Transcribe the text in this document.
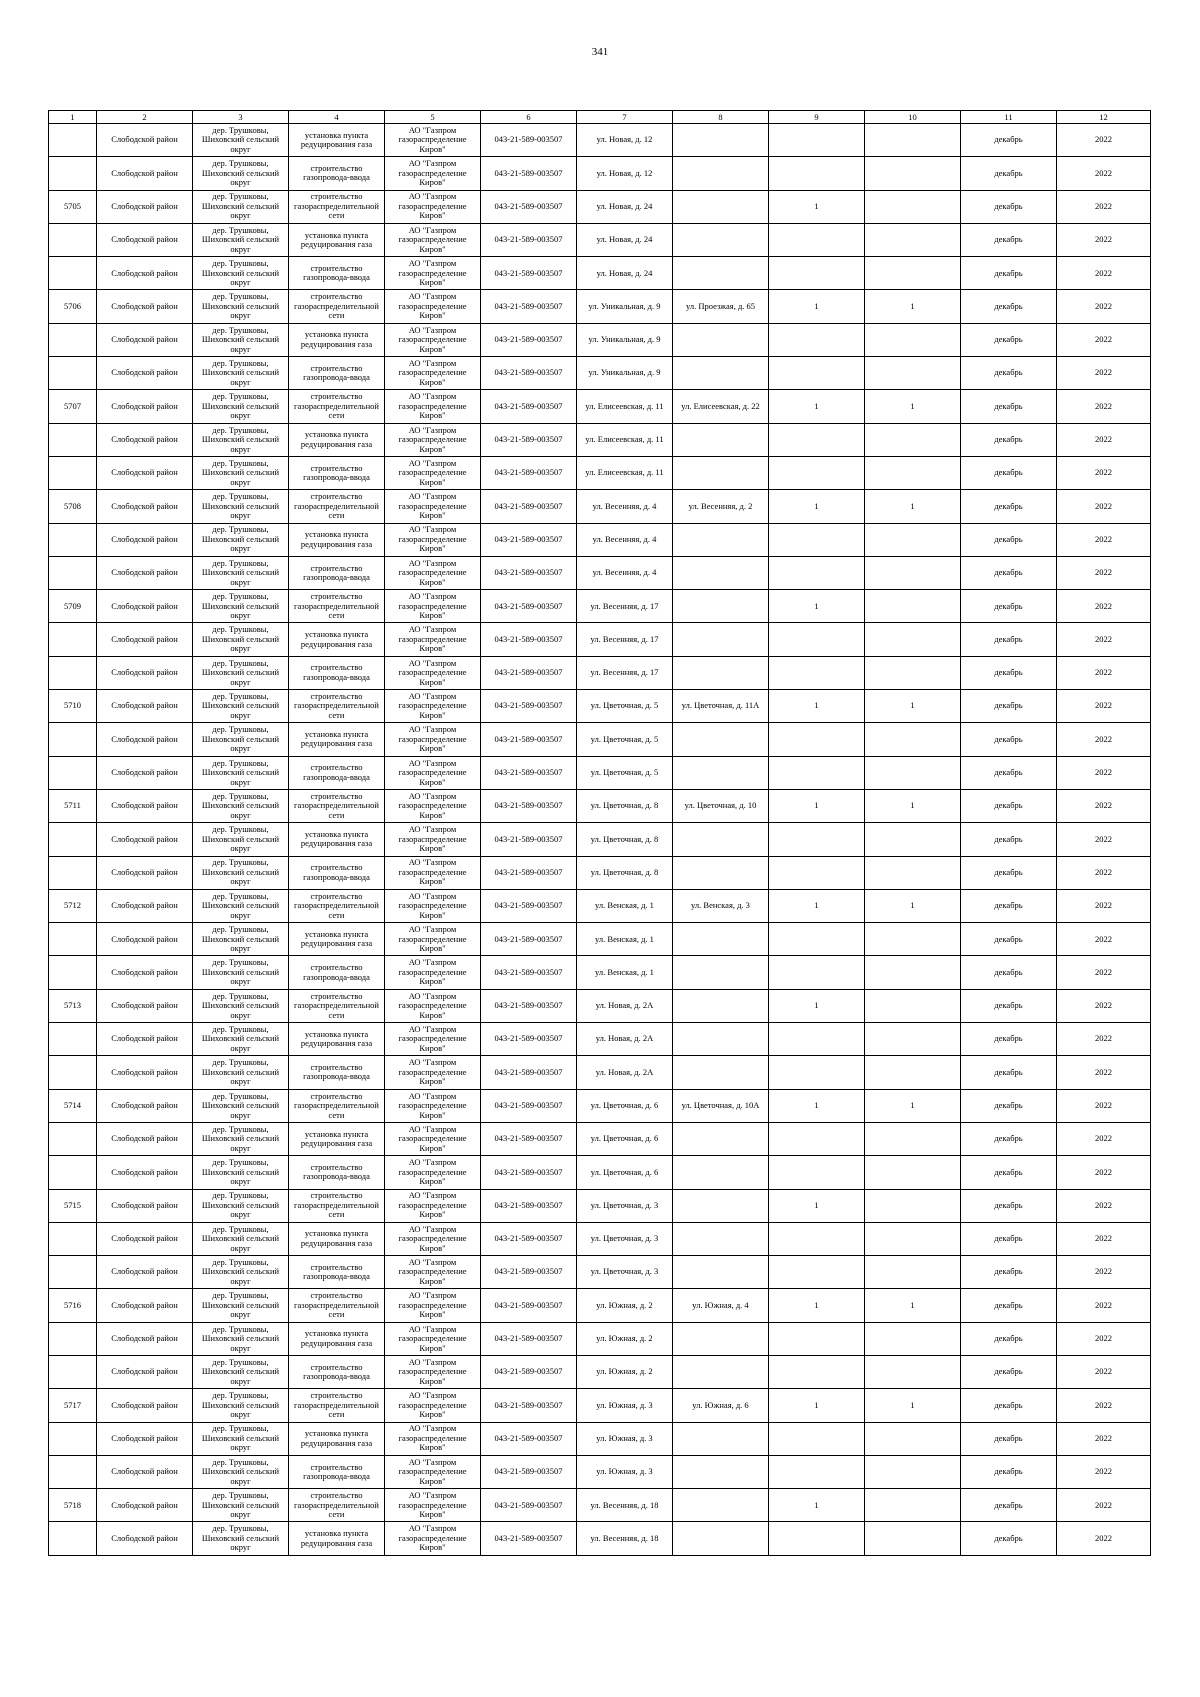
341
1	2	3	4	5	6	7	8	9	10	11	12

	Слободской район	дер. Трушковы, Шиховский сельский округ	установка пункта редуцирования газа	АО "Газпром газораспределение Киров"	043-21-589-003507	ул. Новая, д. 12				декабрь	2022

	Слободской район	дер. Трушковы, Шиховский сельский округ	строительство газопровода-ввода	АО "Газпром газораспределение Киров"	043-21-589-003507	ул. Новая, д. 12				декабрь	2022

5705	Слободской район	дер. Трушковы, Шиховский сельский округ	строительство газораспределительной сети	АО "Газпром газораспределение Киров"	043-21-589-003507	ул. Новая, д. 24		1		декабрь	2022

	Слободской район	дер. Трушковы, Шиховский сельский округ	установка пункта редуцирования газа	АО "Газпром газораспределение Киров"	043-21-589-003507	ул. Новая, д. 24				декабрь	2022

	Слободской район	дер. Трушковы, Шиховский сельский округ	строительство газопровода-ввода	АО "Газпром газораспределение Киров"	043-21-589-003507	ул. Новая, д. 24				декабрь	2022

5706	Слободской район	дер. Трушковы, Шиховский сельский округ	строительство газораспределительной сети	АО "Газпром газораспределение Киров"	043-21-589-003507	ул. Уникальная, д. 9	ул. Проезжая, д. 65	1	1	декабрь	2022

	Слободской район	дер. Трушковы, Шиховский сельский округ	установка пункта редуцирования газа	АО "Газпром газораспределение Киров"	043-21-589-003507	ул. Уникальная, д. 9				декабрь	2022

	Слободской район	дер. Трушковы, Шиховский сельский округ	строительство газопровода-ввода	АО "Газпром газораспределение Киров"	043-21-589-003507	ул. Уникальная, д. 9				декабрь	2022

5707	Слободской район	дер. Трушковы, Шиховский сельский округ	строительство газораспределительной сети	АО "Газпром газораспределение Киров"	043-21-589-003507	ул. Елисеевская, д. 11	ул. Елисеевская, д. 22	1	1	декабрь	2022

	Слободской район	дер. Трушковы, Шиховский сельский округ	установка пункта редуцирования газа	АО "Газпром газораспределение Киров"	043-21-589-003507	ул. Елисеевская, д. 11				декабрь	2022

	Слободской район	дер. Трушковы, Шиховский сельский округ	строительство газопровода-ввода	АО "Газпром газораспределение Киров"	043-21-589-003507	ул. Елисеевская, д. 11				декабрь	2022

5708	Слободской район	дер. Трушковы, Шиховский сельский округ	строительство газораспределительной сети	АО "Газпром газораспределение Киров"	043-21-589-003507	ул. Весенняя, д. 4	ул. Весенняя, д. 2	1	1	декабрь	2022

	Слободской район	дер. Трушковы, Шиховский сельский округ	установка пункта редуцирования газа	АО "Газпром газораспределение Киров"	043-21-589-003507	ул. Весенняя, д. 4				декабрь	2022

	Слободской район	дер. Трушковы, Шиховский сельский округ	строительство газопровода-ввода	АО "Газпром газораспределение Киров"	043-21-589-003507	ул. Весенняя, д. 4				декабрь	2022

5709	Слободской район	дер. Трушковы, Шиховский сельский округ	строительство газораспределительной сети	АО "Газпром газораспределение Киров"	043-21-589-003507	ул. Весенняя, д. 17		1		декабрь	2022

	Слободской район	дер. Трушковы, Шиховский сельский округ	установка пункта редуцирования газа	АО "Газпром газораспределение Киров"	043-21-589-003507	ул. Весенняя, д. 17				декабрь	2022

	Слободской район	дер. Трушковы, Шиховский сельский округ	строительство газопровода-ввода	АО "Газпром газораспределение Киров"	043-21-589-003507	ул. Весенняя, д. 17				декабрь	2022

5710	Слободской район	дер. Трушковы, Шиховский сельский округ	строительство газораспределительной сети	АО "Газпром газораспределение Киров"	043-21-589-003507	ул. Цветочная, д. 5	ул. Цветочная, д. 11А	1	1	декабрь	2022

	Слободской район	дер. Трушковы, Шиховский сельский округ	установка пункта редуцирования газа	АО "Газпром газораспределение Киров"	043-21-589-003507	ул. Цветочная, д. 5				декабрь	2022

	Слободской район	дер. Трушковы, Шиховский сельский округ	строительство газопровода-ввода	АО "Газпром газораспределение Киров"	043-21-589-003507	ул. Цветочная, д. 5				декабрь	2022

5711	Слободской район	дер. Трушковы, Шиховский сельский округ	строительство газораспределительной сети	АО "Газпром газораспределение Киров"	043-21-589-003507	ул. Цветочная, д. 8	ул. Цветочная, д. 10	1	1	декабрь	2022

	Слободской район	дер. Трушковы, Шиховский сельский округ	установка пункта редуцирования газа	АО "Газпром газораспределение Киров"	043-21-589-003507	ул. Цветочная, д. 8				декабрь	2022

	Слободской район	дер. Трушковы, Шиховский сельский округ	строительство газопровода-ввода	АО "Газпром газораспределение Киров"	043-21-589-003507	ул. Цветочная, д. 8				декабрь	2022

5712	Слободской район	дер. Трушковы, Шиховский сельский округ	строительство газораспределительной сети	АО "Газпром газораспределение Киров"	043-21-589-003507	ул. Венская, д. 1	ул. Венская, д. 3	1	1	декабрь	2022

	Слободской район	дер. Трушковы, Шиховский сельский округ	установка пункта редуцирования газа	АО "Газпром газораспределение Киров"	043-21-589-003507	ул. Венская, д. 1				декабрь	2022

	Слободской район	дер. Трушковы, Шиховский сельский округ	строительство газопровода-ввода	АО "Газпром газораспределение Киров"	043-21-589-003507	ул. Венская, д. 1				декабрь	2022

5713	Слободской район	дер. Трушковы, Шиховский сельский округ	строительство газораспределительной сети	АО "Газпром газораспределение Киров"	043-21-589-003507	ул. Новая, д. 2А		1		декабрь	2022

	Слободской район	дер. Трушковы, Шиховский сельский округ	установка пункта редуцирования газа	АО "Газпром газораспределение Киров"	043-21-589-003507	ул. Новая, д. 2А				декабрь	2022

	Слободской район	дер. Трушковы, Шиховский сельский округ	строительство газопровода-ввода	АО "Газпром газораспределение Киров"	043-21-589-003507	ул. Новая, д. 2А				декабрь	2022

5714	Слободской район	дер. Трушковы, Шиховский сельский округ	строительство газораспределительной сети	АО "Газпром газораспределение Киров"	043-21-589-003507	ул. Цветочная, д. 6	ул. Цветочная, д. 10А	1	1	декабрь	2022

	Слободской район	дер. Трушковы, Шиховский сельский округ	установка пункта редуцирования газа	АО "Газпром газораспределение Киров"	043-21-589-003507	ул. Цветочная, д. 6				декабрь	2022

	Слободской район	дер. Трушковы, Шиховский сельский округ	строительство газопровода-ввода	АО "Газпром газораспределение Киров"	043-21-589-003507	ул. Цветочная, д. 6				декабрь	2022

5715	Слободской район	дер. Трушковы, Шиховский сельский округ	строительство газораспределительной сети	АО "Газпром газораспределение Киров"	043-21-589-003507	ул. Цветочная, д. 3		1		декабрь	2022

	Слободской район	дер. Трушковы, Шиховский сельский округ	установка пункта редуцирования газа	АО "Газпром газораспределение Киров"	043-21-589-003507	ул. Цветочная, д. 3				декабрь	2022

	Слободской район	дер. Трушковы, Шиховский сельский округ	строительство газопровода-ввода	АО "Газпром газораспределение Киров"	043-21-589-003507	ул. Цветочная, д. 3				декабрь	2022

5716	Слободской район	дер. Трушковы, Шиховский сельский округ	строительство газораспределительной сети	АО "Газпром газораспределение Киров"	043-21-589-003507	ул. Южная, д. 2	ул. Южная, д. 4	1	1	декабрь	2022

	Слободской район	дер. Трушковы, Шиховский сельский округ	установка пункта редуцирования газа	АО "Газпром газораспределение Киров"	043-21-589-003507	ул. Южная, д. 2				декабрь	2022

	Слободской район	дер. Трушковы, Шиховский сельский округ	строительство газопровода-ввода	АО "Газпром газораспределение Киров"	043-21-589-003507	ул. Южная, д. 2				декабрь	2022

5717	Слободской район	дер. Трушковы, Шиховский сельский округ	строительство газораспределительной сети	АО "Газпром газораспределение Киров"	043-21-589-003507	ул. Южная, д. 3	ул. Южная, д. 6	1	1	декабрь	2022

	Слободской район	дер. Трушковы, Шиховский сельский округ	установка пункта редуцирования газа	АО "Газпром газораспределение Киров"	043-21-589-003507	ул. Южная, д. 3				декабрь	2022

	Слободской район	дер. Трушковы, Шиховский сельский округ	строительство газопровода-ввода	АО "Газпром газораспределение Киров"	043-21-589-003507	ул. Южная, д. 3				декабрь	2022

5718	Слободской район	дер. Трушковы, Шиховский сельский округ	строительство газораспределительной сети	АО "Газпром газораспределение Киров"	043-21-589-003507	ул. Весенняя, д. 18		1		декабрь	2022

	Слободской район	дер. Трушковы, Шиховский сельский округ	установка пункта редуцирования газа	АО "Газпром газораспределение Киров"	043-21-589-003507	ул. Весенняя, д. 18				декабрь	2022
